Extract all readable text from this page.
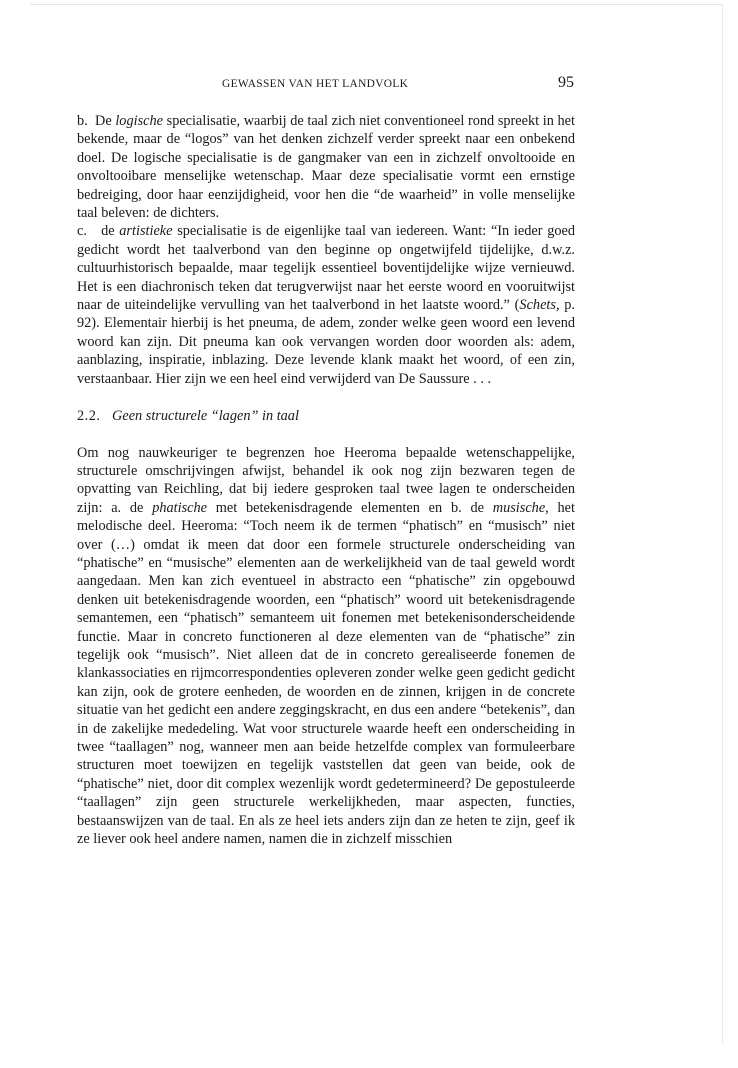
GEWASSEN VAN HET LANDVOLK	95

b. De logische specialisatie, waarbij de taal zich niet conventioneel rond spreekt in het bekende, maar de “logos” van het denken zichzelf verder spreekt naar een onbekend doel. De logische specialisatie is de gangmaker van een in zichzelf onvoltooide en onvoltooibare menselijke wetenschap. Maar deze specialisatie vormt een ernstige bedreiging, door haar eenzijdigheid, voor hen die “de waarheid” in volle menselijke taal beleven: de dichters.

c. de artistieke specialisatie is de eigenlijke taal van iedereen. Want: “In ieder goed gedicht wordt het taalverbond van den beginne op ongetwijfeld tijdelijke, d.w.z. cultuurhistorisch bepaalde, maar tegelijk essentieel boventijdelijke wijze vernieuwd. Het is een diachronisch teken dat terugverwijst naar het eerste woord en vooruitwijst naar de uiteindelijke vervulling van het taalverbond in het laatste woord.” (Schets, p. 92). Elementair hierbij is het pneuma, de adem, zonder welke geen woord een levend woord kan zijn. Dit pneuma kan ook vervangen worden door woorden als: adem, aanblazing, inspiratie, inblazing. Deze levende klank maakt het woord, of een zin, verstaanbaar. Hier zijn we een heel eind verwijderd van De Saussure . . .

2.2. Geen structurele “lagen” in taal

Om nog nauwkeuriger te begrenzen hoe Heeroma bepaalde wetenschappelijke, structurele omschrijvingen afwijst, behandel ik ook nog zijn bezwaren tegen de opvatting van Reichling, dat bij iedere gesproken taal twee lagen te onderscheiden zijn: a. de phatische met betekenisdragende elementen en b. de musische, het melodische deel. Heeroma: “Toch neem ik de termen “phatisch” en “musisch” niet over (…) omdat ik meen dat door een formele structurele onderscheiding van “phatische” en “musische” elementen aan de werkelijkheid van de taal geweld wordt aangedaan. Men kan zich eventueel in abstracto een “phatische” zin opgebouwd denken uit betekenisdragende woorden, een “phatisch” woord uit betekenisdragende semantemen, een “phatisch” semanteem uit fonemen met betekenisonderscheidende functie. Maar in concreto functioneren al deze elementen van de “phatische” zin tegelijk ook “musisch”. Niet alleen dat de in concreto gerealiseerde fonemen de klankassociaties en rijmcorrespondenties opleveren zonder welke geen gedicht gedicht kan zijn, ook de grotere eenheden, de woorden en de zinnen, krijgen in de concrete situatie van het gedicht een andere zeggingskracht, en dus een andere “betekenis”, dan in de zakelijke mededeling. Wat voor structurele waarde heeft een onderscheiding in twee “taallagen” nog, wanneer men aan beide hetzelfde complex van formuleerbare structuren moet toewijzen en tegelijk vaststellen dat geen van beide, ook de “phatische” niet, door dit complex wezenlijk wordt gedetermineerd? De gepostuleerde “taallagen” zijn geen structurele werkelijkheden, maar aspecten, functies, bestaanswijzen van de taal. En als ze heel iets anders zijn dan ze heten te zijn, geef ik ze liever ook heel andere namen, namen die in zichzelf misschien
